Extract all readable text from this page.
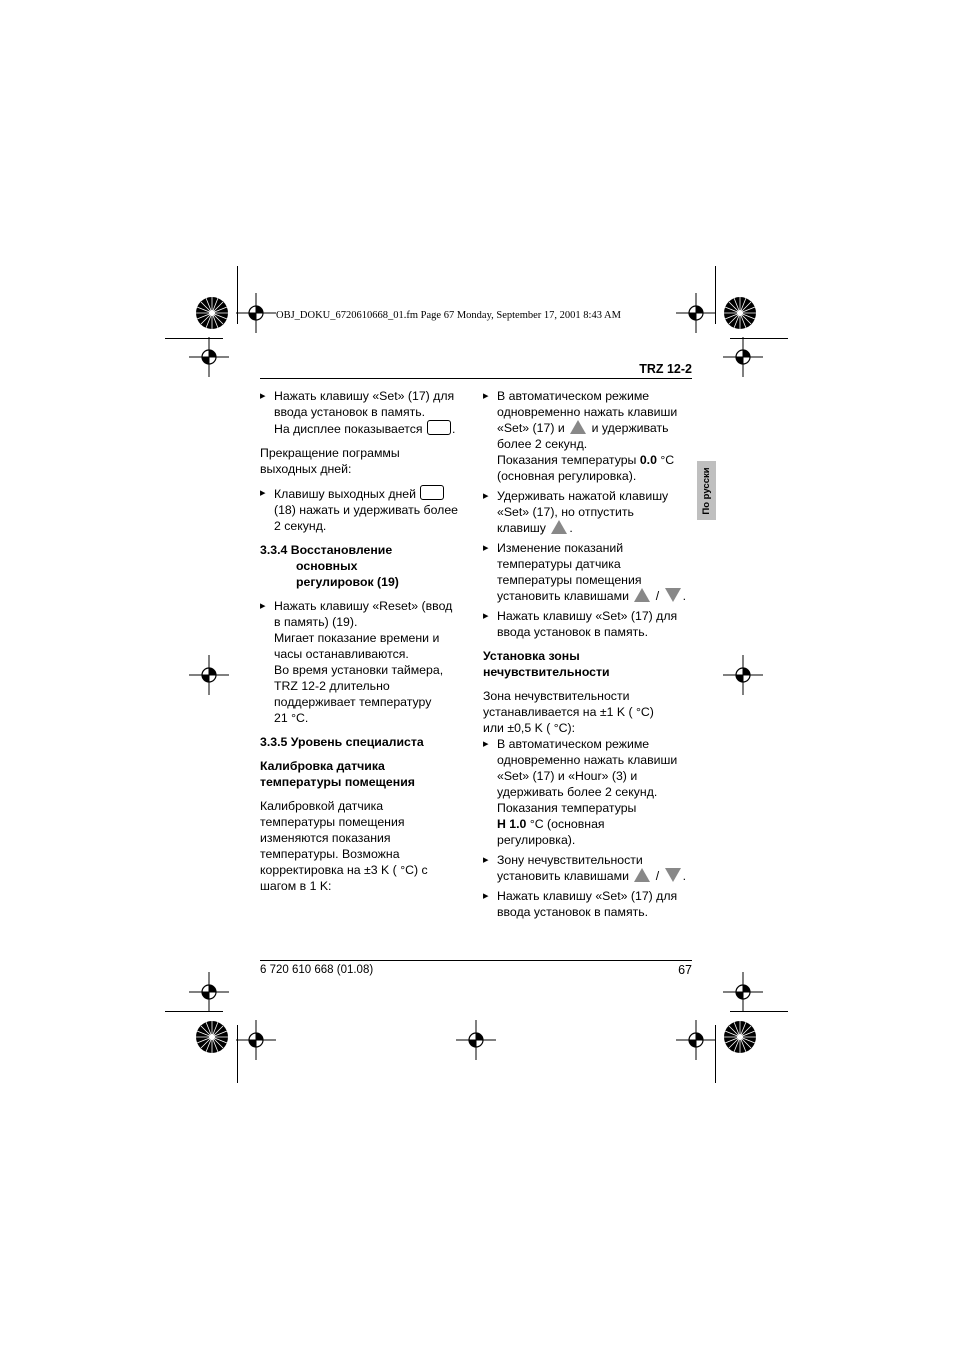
OBJ_DOKU_6720610668_01.fm Page 67 Monday, September 17, 2001 8:43 AM
TRZ 12-2
По русски
▸ Нажать клавишу «Set» (17) для
ввода установок в память.
На дисплее показывается .

Прекращение пограммы
выходных дней:

▸ Клавишу выходных дней
(18) нажать и удерживать более
2 секунд.

3.3.4 Восстановление
основных
регулировок (19)

▸ Нажать клавишу «Reset» (ввод
в память) (19).
Мигает показание времени и
часы останавливаются.
Во время установки таймера,
TRZ 12-2 длительно
поддерживает температуру
21 °C.

3.3.5 Уровень специалиста

Калибровка датчика
температуры помещения

Калибровкой датчика
температуры помещения
изменяются показания
температуры. Возможна
корректировка на ±3 K ( °C) с
шагом в 1 K:

▸ В автоматическом режиме
одновременно нажать клавиши
«Set» (17) и и удерживать
более 2 секунд.
Показания температуры 0.0 °C
(основная регулировка).
▸ Удерживать нажатой клавишу
«Set» (17), но отпустить
клавишу .
▸ Изменение показаний
температуры датчика
температуры помещения
установить клавишами  / .
▸ Нажать клавишу «Set» (17) для
ввода установок в память.

Установка зоны
нечувствительности

Зона нечувствительности
устанавливается на ±1 K ( °C)
или ±0,5 K ( °C):

▸ В автоматическом режиме
одновременно нажать клавиши
«Set» (17) и «Hour» (3) и
удерживать более 2 секунд.
Показания температуры
H 1.0 °C (основная
регулировка).
▸ Зону нечувствительности
установить клавишами  / .
▸ Нажать клавишу «Set» (17) для
ввода установок в память.
6 720 610 668 (01.08)	67
